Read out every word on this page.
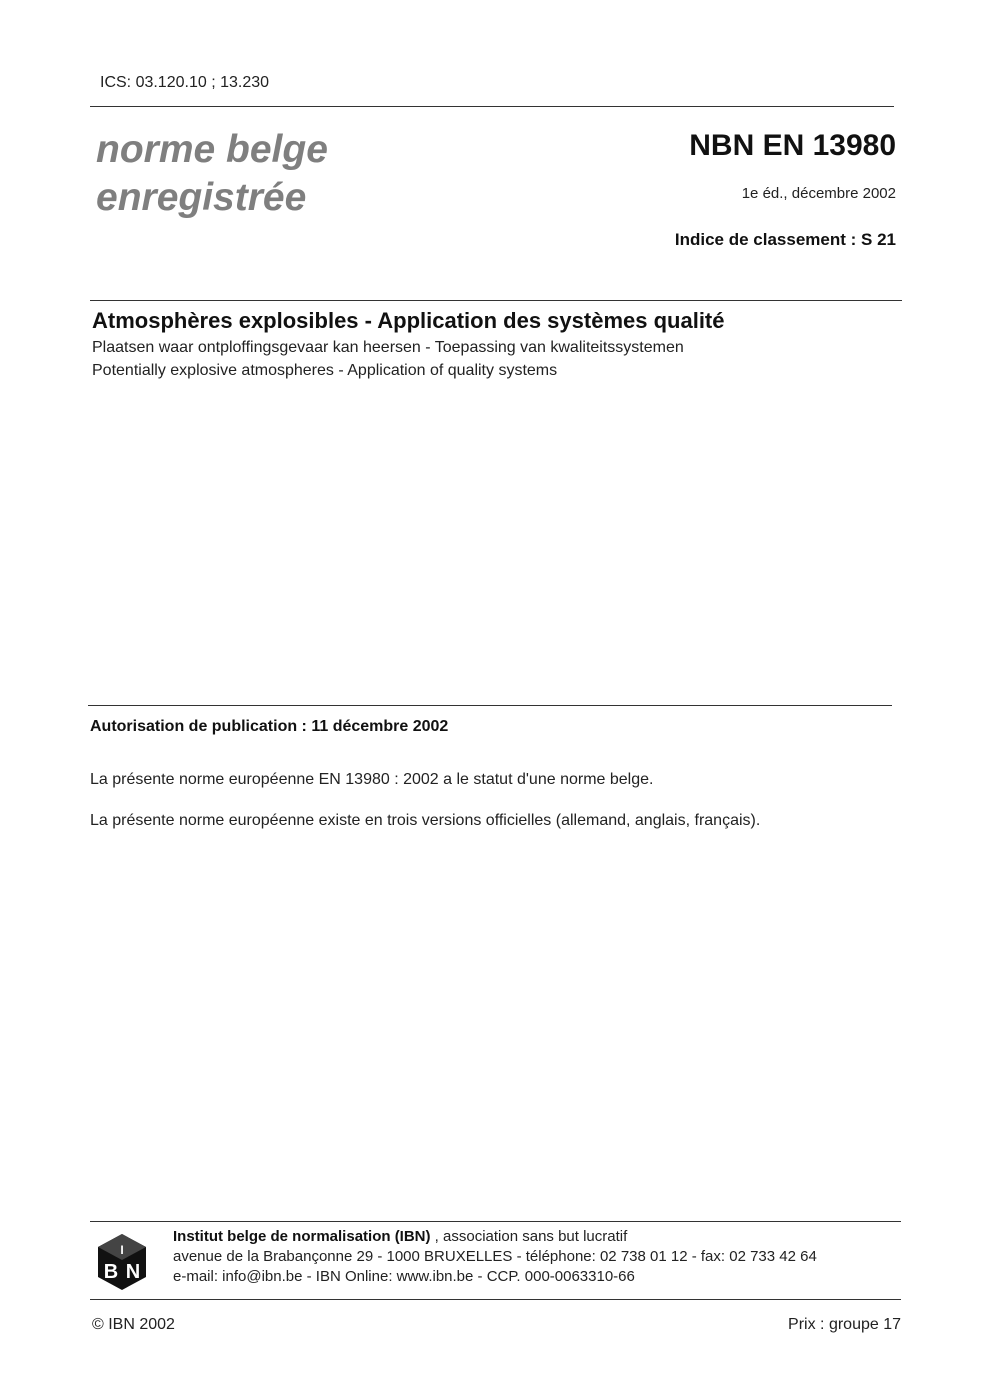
ICS: 03.120.10 ; 13.230
norme belge
enregistrée
NBN EN 13980
1e éd., décembre 2002
Indice de classement : S 21
Atmosphères explosibles - Application des systèmes qualité
Plaatsen waar ontploffingsgevaar kan heersen - Toepassing van kwaliteitssystemen
Potentially explosive atmospheres - Application of quality systems
Autorisation de publication : 11 décembre 2002
La présente norme européenne EN 13980 : 2002 a le statut d'une norme belge.
La présente norme européenne existe en trois versions officielles (allemand, anglais, français).
I
B N
Institut belge de normalisation (IBN) , association sans but lucratif
avenue de la Brabançonne 29 - 1000 BRUXELLES - téléphone: 02 738 01 12 - fax: 02 733 42 64
e-mail: info@ibn.be - IBN Online: www.ibn.be - CCP. 000-0063310-66
© IBN 2002	Prix : groupe 17
